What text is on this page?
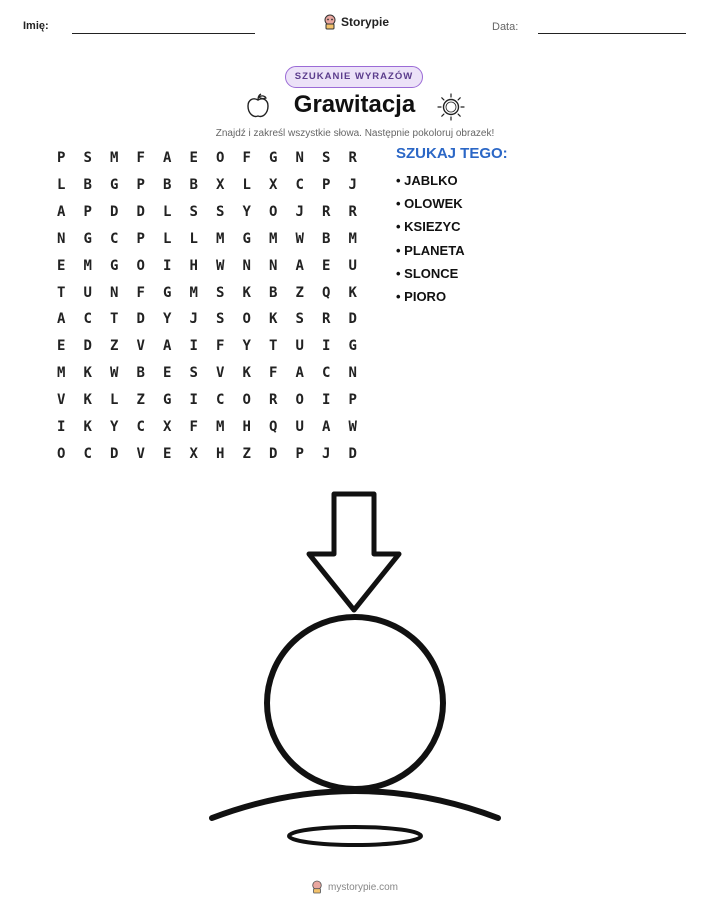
Imię:	Storypie	Data:
SZUKANIE WYRAZÓW
Grawitacja
Znajdź i zakreśl wszystkie słowa. Następnie pokoloruj obrazek!
P	S	M	F	A	E	O	F	G	N	S	R
L	B	G	P	B	B	X	L	X	C	P	J
A	P	D	D	L	S	S	Y	O	J	R	R
N	G	C	P	L	L	M	G	M	W	B	M
E	M	G	O	I	H	W	N	N	A	E	U
T	U	N	F	G	M	S	K	B	Z	Q	K
A	C	T	D	Y	J	S	O	K	S	R	D
E	D	Z	V	A	I	F	Y	T	U	I	G
M	K	W	B	E	S	V	K	F	A	C	N
V	K	L	Z	G	I	C	O	R	O	I	P
I	K	Y	C	X	F	M	H	Q	U	A	W
O	C	D	V	E	X	H	Z	D	P	J	D
SZUKAJ TEGO:
• JABLKO
• OLOWEK
• KSIEZYC
• PLANETA
• SLONCE
• PIORO
mystorypie.com
